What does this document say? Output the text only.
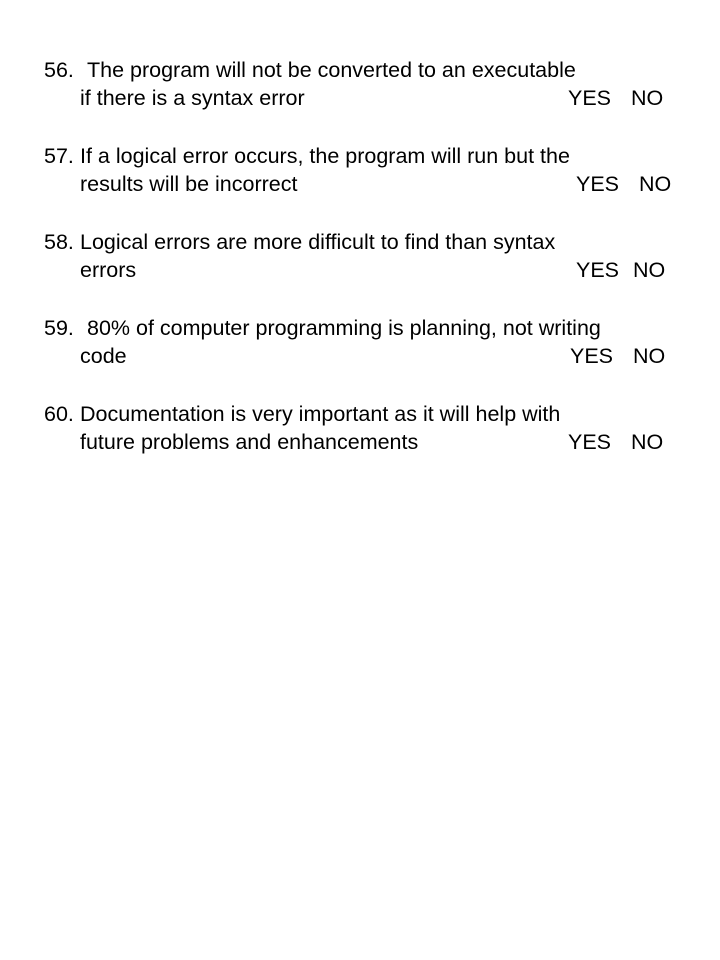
56. The program will not be converted to an executable
if there is a syntax error	YES NO
57. If a logical error occurs, the program will run but the
results will be incorrect	YES NO
58. Logical errors are more difficult to find than syntax
errors	YES NO
59. 80% of computer programming is planning, not writing
code	YES NO
60. Documentation is very important as it will help with
future problems and enhancements	YES NO
